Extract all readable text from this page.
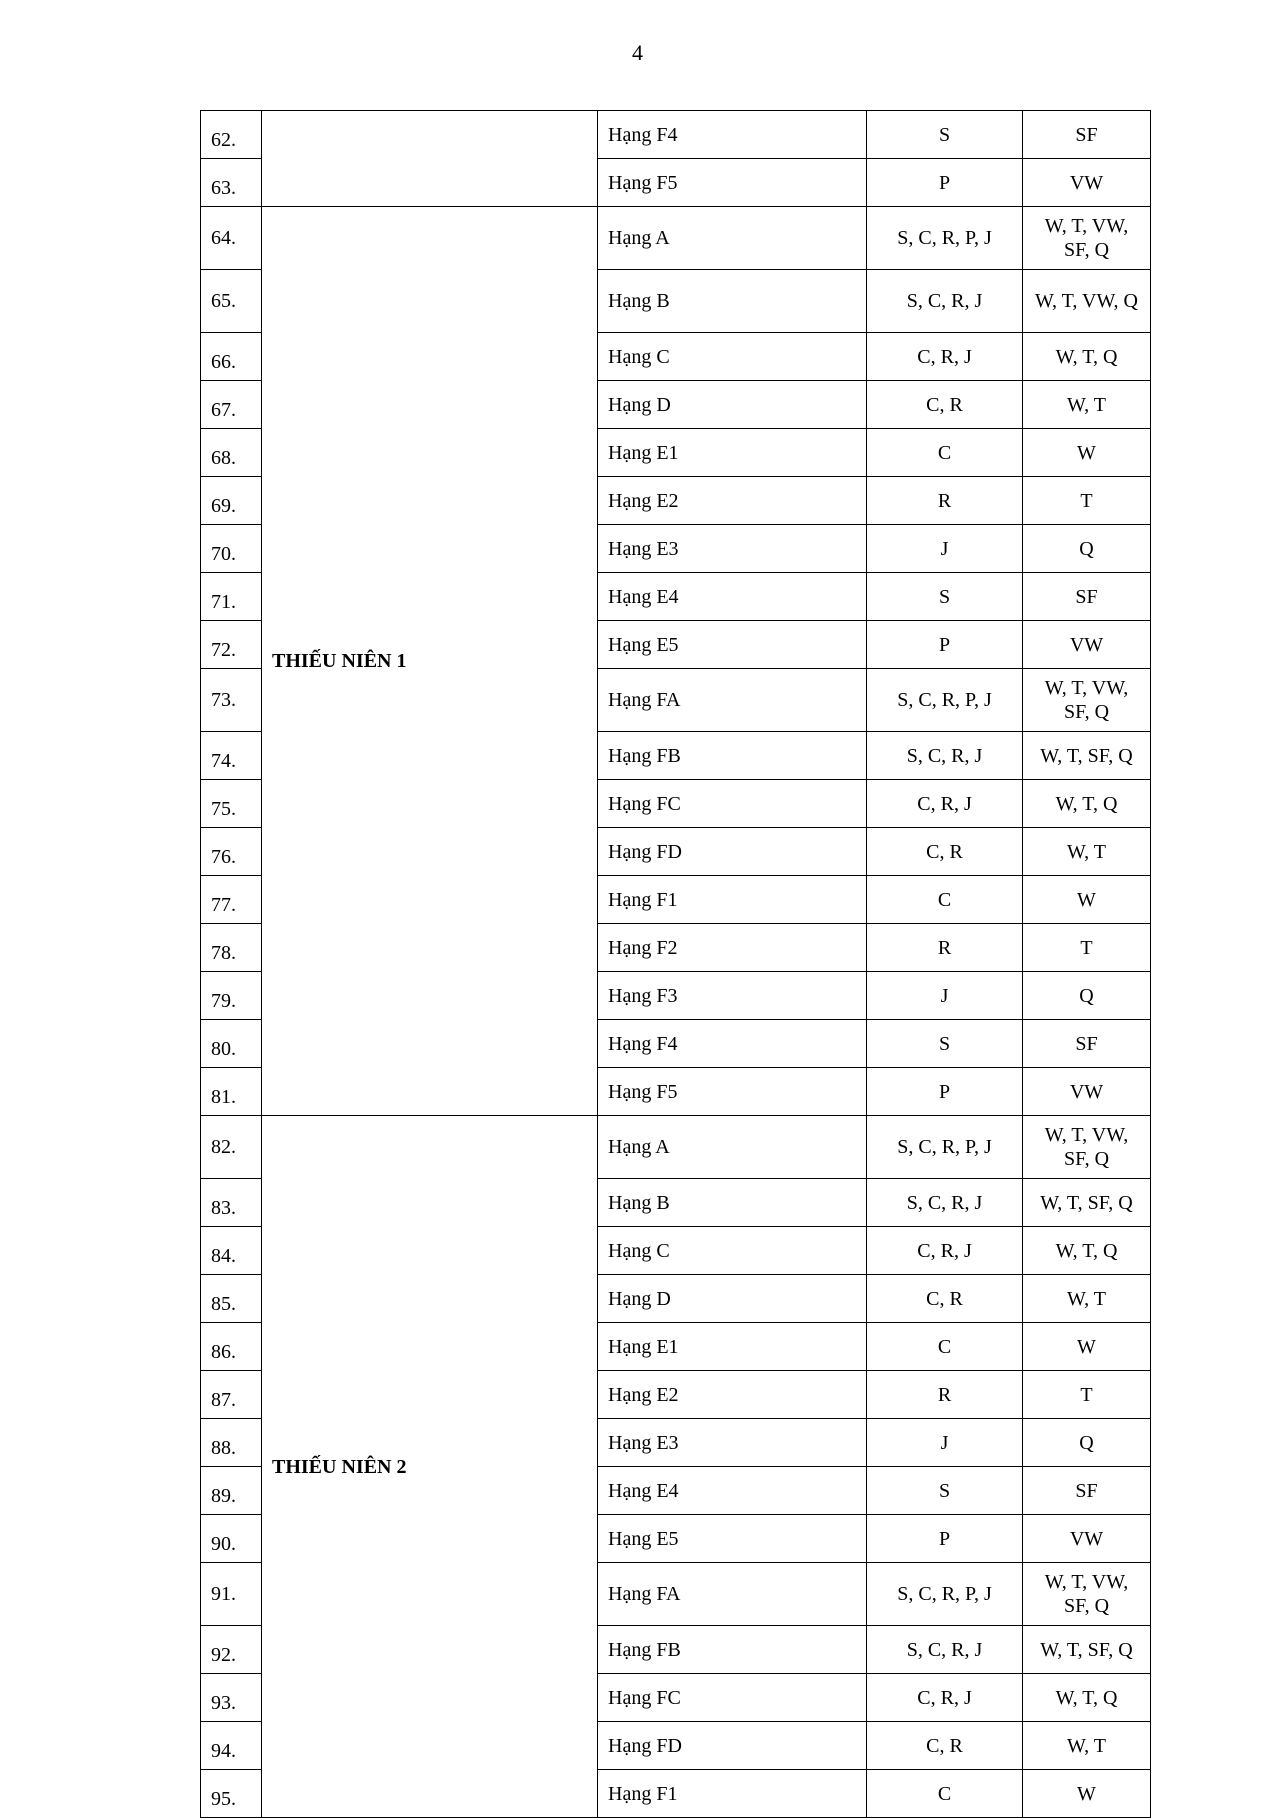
4
62.		Hạng F4	S	SF
63.		Hạng F5	P	VW
64.	THIẾU NIÊN 1	Hạng A	S, C, R, P, J	W, T, VW, SF, Q
65.		Hạng B	S, C, R, J	W, T, VW, Q
66.		Hạng C	C, R, J	W, T, Q
67.		Hạng D	C, R	W, T
68.		Hạng E1	C	W
69.		Hạng E2	R	T
70.		Hạng E3	J	Q
71.		Hạng E4	S	SF
72.		Hạng E5	P	VW
73.		Hạng FA	S, C, R, P, J	W, T, VW, SF, Q
74.		Hạng FB	S, C, R, J	W, T, SF, Q
75.		Hạng FC	C, R, J	W, T, Q
76.		Hạng FD	C, R	W, T
77.		Hạng F1	C	W
78.		Hạng F2	R	T
79.		Hạng F3	J	Q
80.		Hạng F4	S	SF
81.		Hạng F5	P	VW
82.	THIẾU NIÊN 2	Hạng A	S, C, R, P, J	W, T, VW, SF, Q
83.		Hạng B	S, C, R, J	W, T, SF, Q
84.		Hạng C	C, R, J	W, T, Q
85.		Hạng D	C, R	W, T
86.		Hạng E1	C	W
87.		Hạng E2	R	T
88.		Hạng E3	J	Q
89.		Hạng E4	S	SF
90.		Hạng E5	P	VW
91.		Hạng FA	S, C, R, P, J	W, T, VW, SF, Q
92.		Hạng FB	S, C, R, J	W, T, SF, Q
93.		Hạng FC	C, R, J	W, T, Q
94.		Hạng FD	C, R	W, T
95.		Hạng F1	C	W
